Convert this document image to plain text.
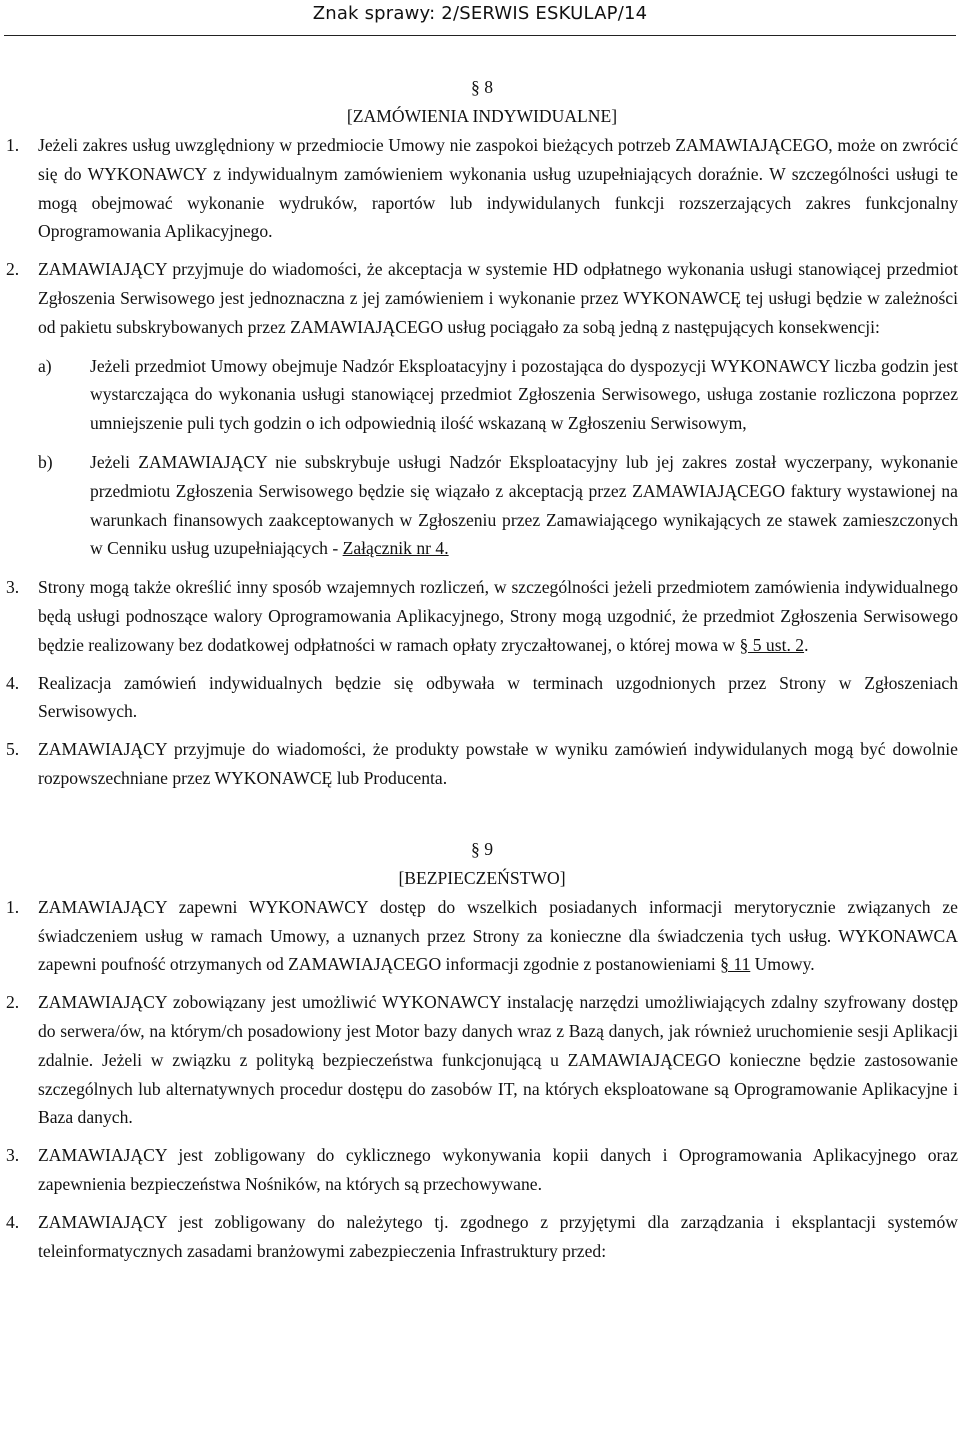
Znak sprawy: 2/SERWIS ESKULAP/14
§ 8
[ZAMÓWIENIA INDYWIDUALNE]
1.	Jeżeli zakres usług uwzględniony w przedmiocie Umowy nie zaspokoi bieżących potrzeb ZAMAWIAJĄCEGO, może on zwrócić się do WYKONAWCY z indywidualnym zamówieniem wykonania usług uzupełniających doraźnie. W szczególności usługi te mogą obejmować wykonanie wydruków, raportów lub indywidulanych funkcji rozszerzających zakres funkcjonalny Oprogramowania Aplikacyjnego.
2.	ZAMAWIAJĄCY przyjmuje do wiadomości, że akceptacja w systemie HD odpłatnego wykonania usługi stanowiącej przedmiot Zgłoszenia Serwisowego jest jednoznaczna z jej zamówieniem i wykonanie przez WYKONAWCĘ tej usługi będzie w zależności od pakietu subskrybowanych przez ZAMAWIAJĄCEGO usług pociągało za sobą jedną z następujących konsekwencji:
a)	Jeżeli przedmiot Umowy obejmuje Nadzór Eksploatacyjny i pozostająca do dyspozycji WYKONAWCY liczba godzin jest wystarczająca do wykonania usługi stanowiącej przedmiot Zgłoszenia Serwisowego, usługa zostanie rozliczona poprzez umniejszenie puli tych godzin o ich odpowiednią ilość wskazaną w Zgłoszeniu Serwisowym,
b)	Jeżeli ZAMAWIAJĄCY nie subskrybuje usługi Nadzór Eksploatacyjny lub jej zakres został wyczerpany, wykonanie przedmiotu Zgłoszenia Serwisowego będzie się wiązało z akceptacją przez ZAMAWIAJĄCEGO faktury wystawionej na warunkach finansowych zaakceptowanych w Zgłoszeniu przez Zamawiającego wynikających ze stawek zamieszczonych w Cenniku usług uzupełniających - Załącznik nr 4.
3.	Strony mogą także określić inny sposób wzajemnych rozliczeń, w szczególności jeżeli przedmiotem zamówienia indywidualnego będą usługi podnoszące walory Oprogramowania Aplikacyjnego, Strony mogą uzgodnić, że przedmiot Zgłoszenia Serwisowego będzie realizowany bez dodatkowej odpłatności w ramach opłaty zryczałtowanej, o której mowa w § 5 ust. 2.
4.	Realizacja zamówień indywidualnych będzie się odbywała w terminach uzgodnionych przez Strony w Zgłoszeniach Serwisowych.
5.	ZAMAWIAJĄCY przyjmuje do wiadomości, że produkty powstałe w wyniku zamówień indywidulanych mogą być dowolnie rozpowszechniane przez WYKONAWCĘ lub Producenta.
§ 9
[BEZPIECZEŃSTWO]
1.	ZAMAWIAJĄCY zapewni WYKONAWCY dostęp do wszelkich posiadanych informacji merytorycznie związanych ze świadczeniem usług w ramach Umowy, a uznanych przez Strony za konieczne dla świadczenia tych usług. WYKONAWCA zapewni poufność otrzymanych od ZAMAWIAJĄCEGO informacji zgodnie z postanowieniami § 11 Umowy.
2.	ZAMAWIAJĄCY zobowiązany jest umożliwić WYKONAWCY instalację narzędzi umożliwiających zdalny szyfrowany dostęp do serwera/ów, na którym/ch posadowiony jest Motor bazy danych wraz z Bazą danych, jak również uruchomienie sesji Aplikacji zdalnie. Jeżeli w związku z polityką bezpieczeństwa funkcjonującą u ZAMAWIAJĄCEGO konieczne będzie zastosowanie szczególnych lub alternatywnych procedur dostępu do zasobów IT, na których eksploatowane są Oprogramowanie Aplikacyjne i Baza danych.
3.	ZAMAWIAJĄCY jest zobligowany do cyklicznego wykonywania kopii danych i Oprogramowania Aplikacyjnego oraz zapewnienia bezpieczeństwa Nośników, na których są przechowywane.
4.	ZAMAWIAJĄCY jest zobligowany do należytego tj. zgodnego z przyjętymi dla zarządzania i eksplantacji systemów teleinformatycznych zasadami branżowymi zabezpieczenia Infrastruktury przed:
